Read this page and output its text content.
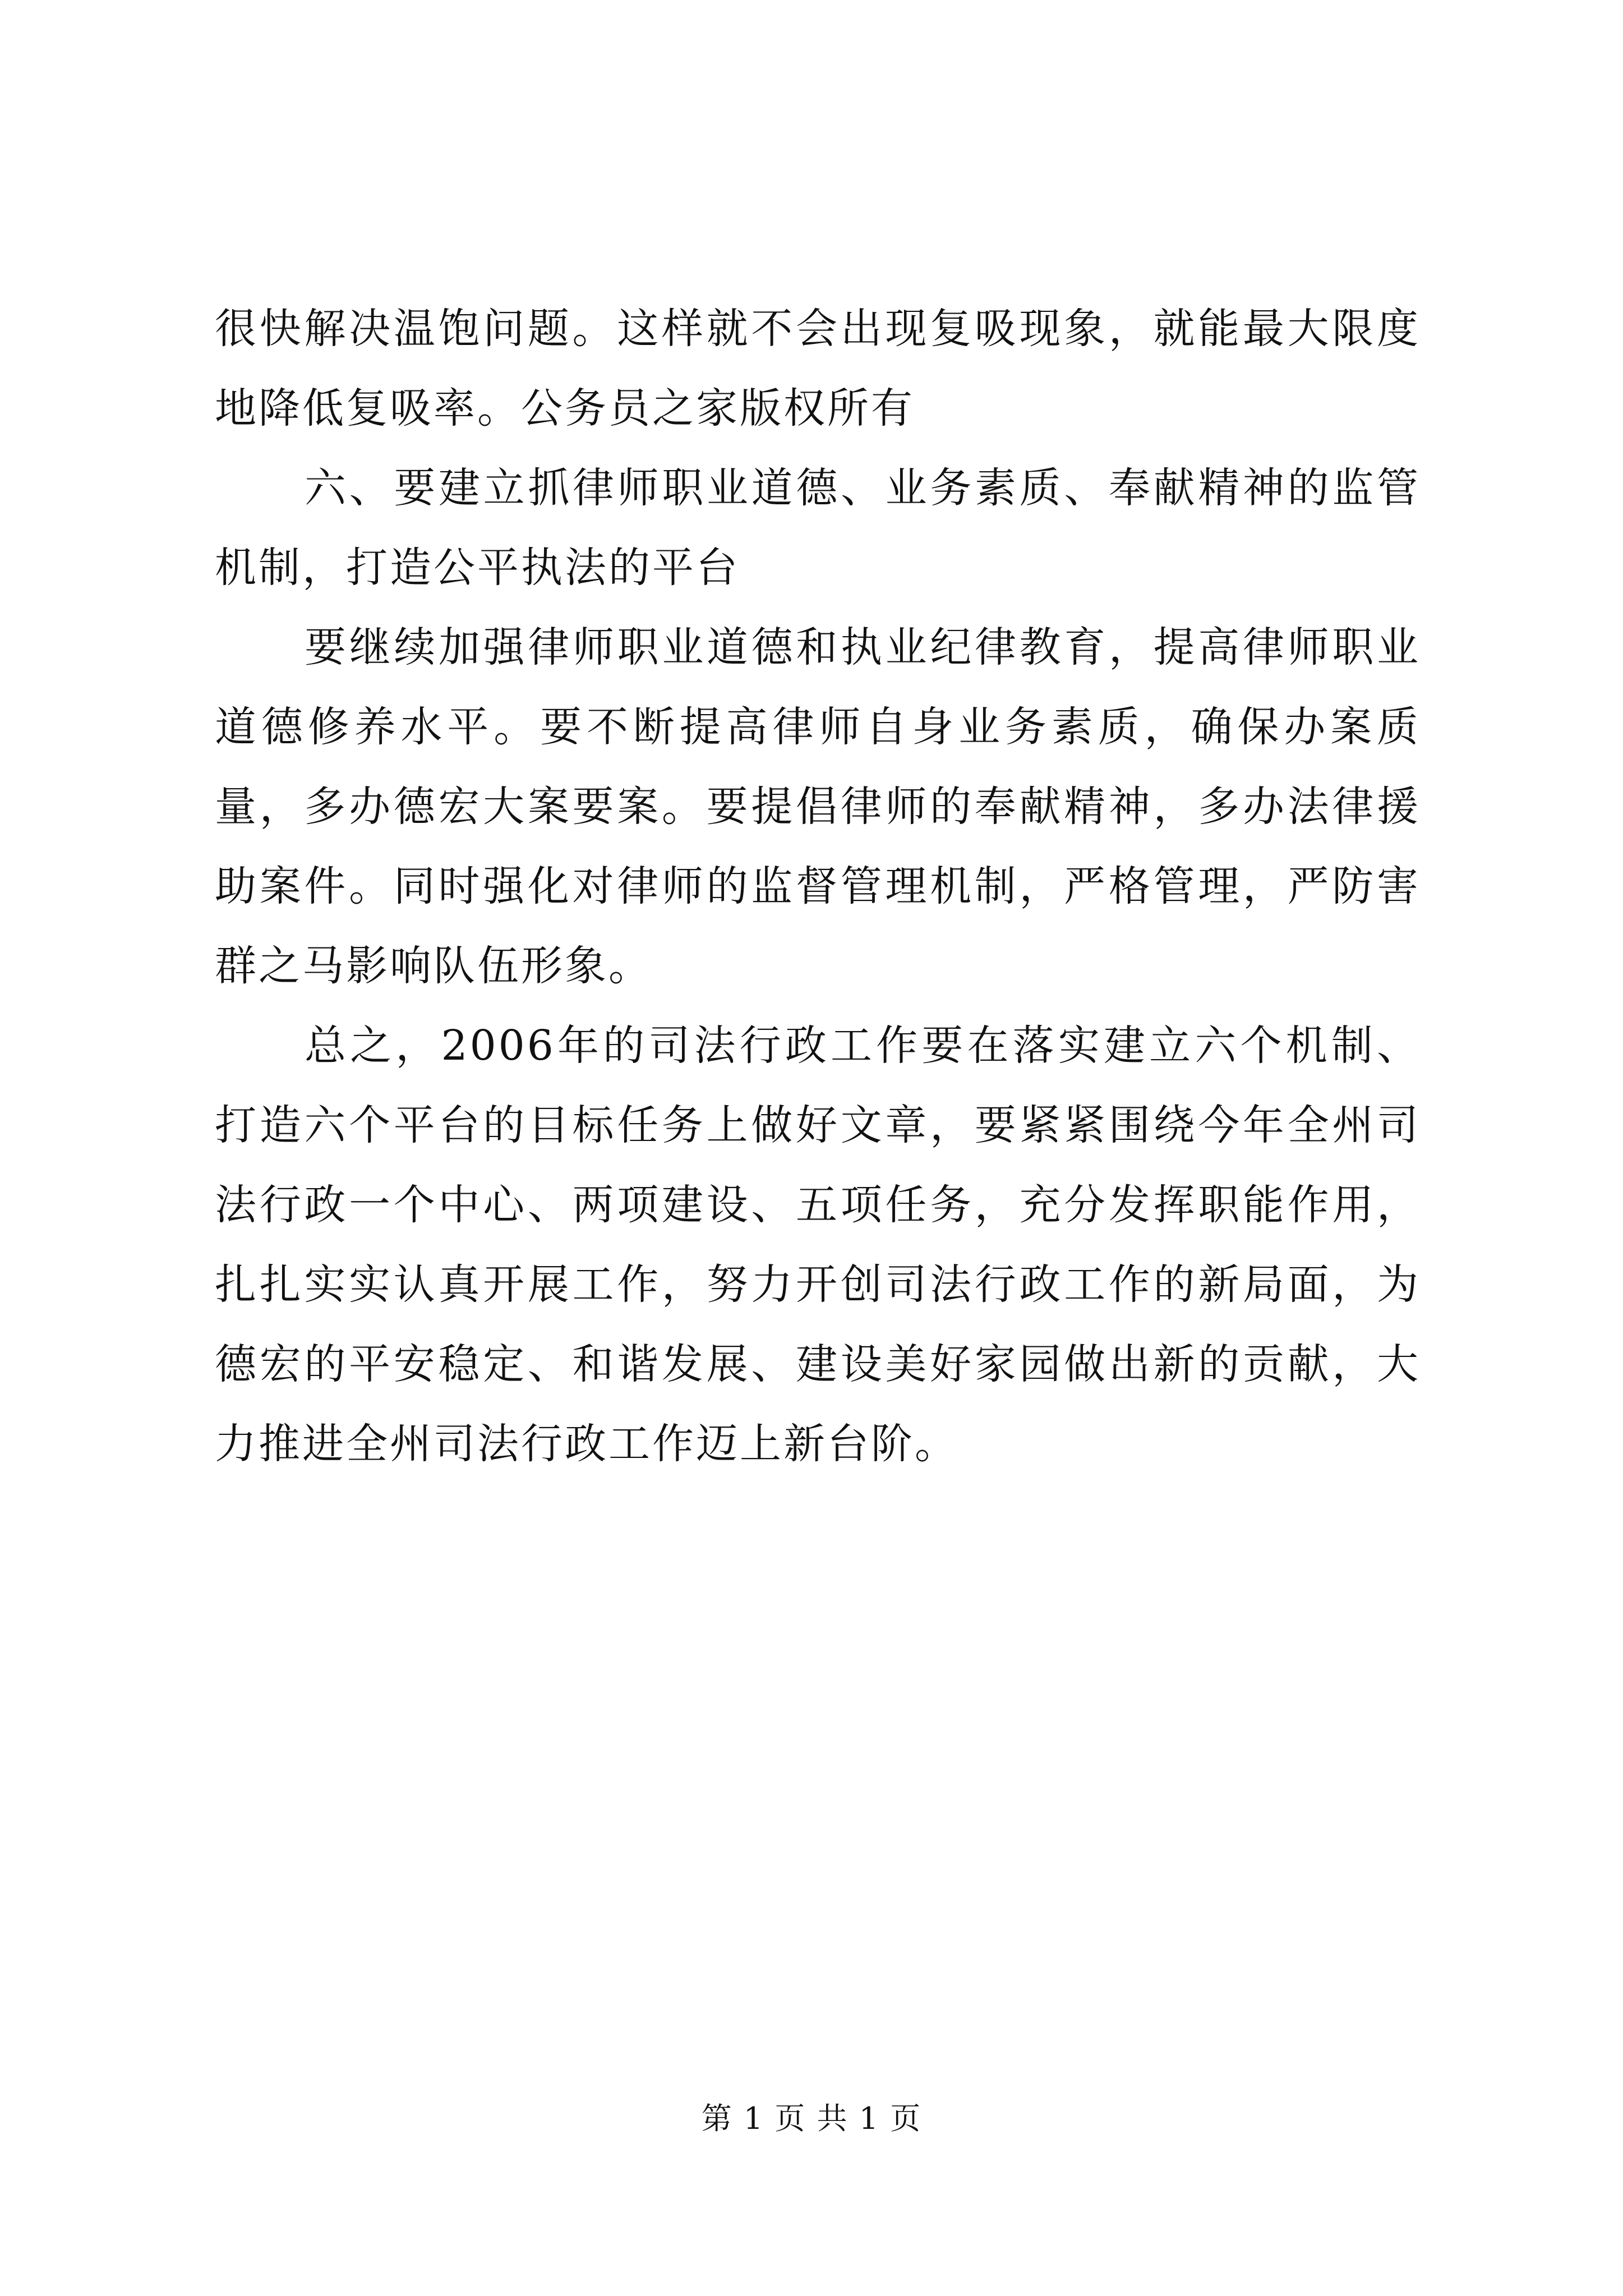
很快解决温饱问题。这样就不会出现复吸现象，就能最大限度地降低复吸率。公务员之家版权所有

六、要建立抓律师职业道德、业务素质、奉献精神的监管机制，打造公平执法的平台

要继续加强律师职业道德和执业纪律教育，提高律师职业道德修养水平。要不断提高律师自身业务素质，确保办案质量，多办德宏大案要案。要提倡律师的奉献精神，多办法律援助案件。同时强化对律师的监督管理机制，严格管理，严防害群之马影响队伍形象。

总之，2006年的司法行政工作要在落实建立六个机制、打造六个平台的目标任务上做好文章，要紧紧围绕今年全州司法行政一个中心、两项建设、五项任务，充分发挥职能作用，扎扎实实认真开展工作，努力开创司法行政工作的新局面，为德宏的平安稳定、和谐发展、建设美好家园做出新的贡献，大力推进全州司法行政工作迈上新台阶。

第 1 页 共 1 页
